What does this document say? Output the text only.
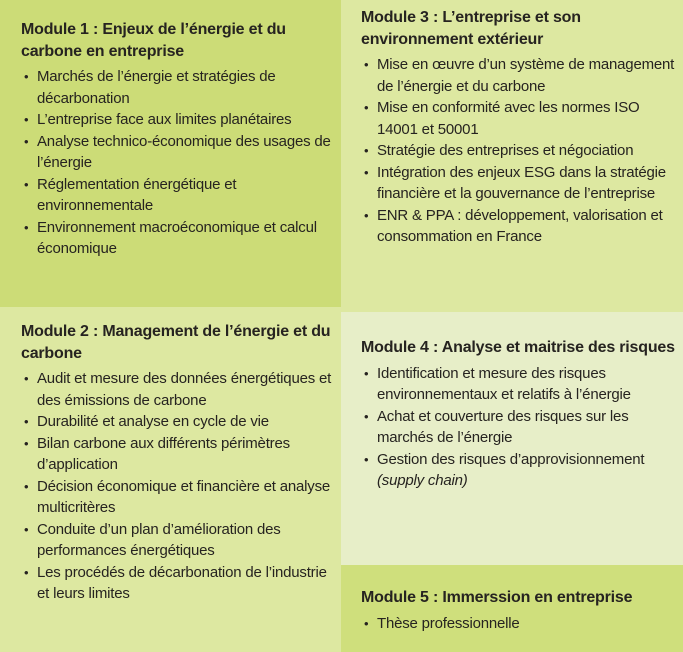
Module 1 : Enjeux de l’énergie et du carbone en entreprise
• Marchés de l’énergie et stratégies de décarbonation
• L’entreprise face aux limites planétaires
• Analyse technico-économique des usages de l’énergie
• Réglementation énergétique et environnementale
• Environnement macroéconomique et calcul économique
Module 2 : Management de l’énergie et du carbone
• Audit et mesure des données énergétiques et des émissions de carbone
• Durabilité et analyse en cycle de vie
• Bilan carbone aux différents périmètres d’application
• Décision économique et financière et analyse multicritères
• Conduite d’un plan d’amélioration des performances énergétiques
• Les procédés de décarbonation de l’industrie et leurs limites
Module 3 : L’entreprise et son environnement extérieur
• Mise en œuvre d’un système de management de l’énergie et du carbone
• Mise en conformité avec les normes ISO 14001 et 50001
• Stratégie des entreprises et négociation
• Intégration des enjeux ESG dans la stratégie financière et la gouvernance de l’entreprise
• ENR & PPA : développement, valorisation et consommation en France
Module 4 : Analyse et maitrise des risques
• Identification et mesure des risques environnementaux et relatifs à l’énergie
• Achat et couverture des risques sur les marchés de l’énergie
• Gestion des risques d’approvisionnement (supply chain)
Module 5 : Immerssion en entreprise
• Thèse professionnelle
